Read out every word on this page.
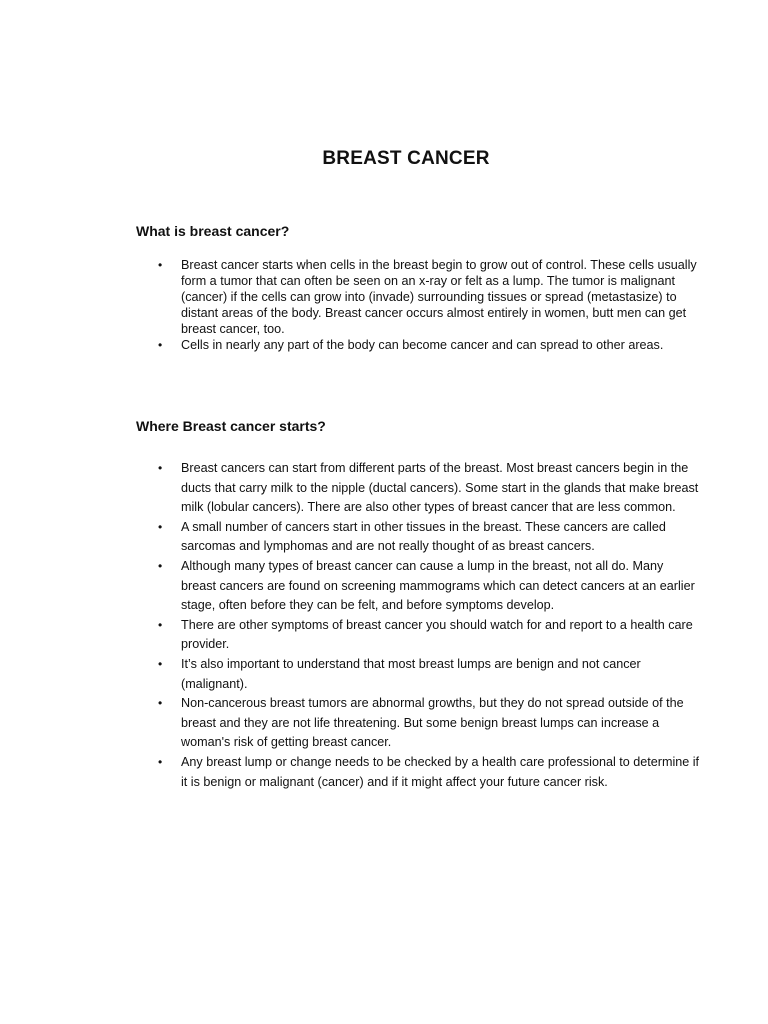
BREAST CANCER
What is breast cancer?
• Breast cancer starts when cells in the breast begin to grow out of control. These cells usually form a tumor that can often be seen on an x-ray or felt as a lump. The tumor is malignant (cancer) if the cells can grow into (invade) surrounding tissues or spread (metastasize) to distant areas of the body. Breast cancer occurs almost entirely in women, butt men can get breast cancer, too.
• Cells in nearly any part of the body can become cancer and can spread to other areas.
Where Breast cancer starts?
• Breast cancers can start from different parts of the breast. Most breast cancers begin in the ducts that carry milk to the nipple (ductal cancers). Some start in the glands that make breast milk (lobular cancers). There are also other types of breast cancer that are less common.
• A small number of cancers start in other tissues in the breast. These cancers are called sarcomas and lymphomas and are not really thought of as breast cancers.
• Although many types of breast cancer can cause a lump in the breast, not all do. Many breast cancers are found on screening mammograms which can detect cancers at an earlier stage, often before they can be felt, and before symptoms develop.
• There are other symptoms of breast cancer you should watch for and report to a health care provider.
• It’s also important to understand that most breast lumps are benign and not cancer (malignant).
• Non-cancerous breast tumors are abnormal growths, but they do not spread outside of the breast and they are not life threatening. But some benign breast lumps can increase a woman's risk of getting breast cancer.
• Any breast lump or change needs to be checked by a health care professional to determine if it is benign or malignant (cancer) and if it might affect your future cancer risk.
